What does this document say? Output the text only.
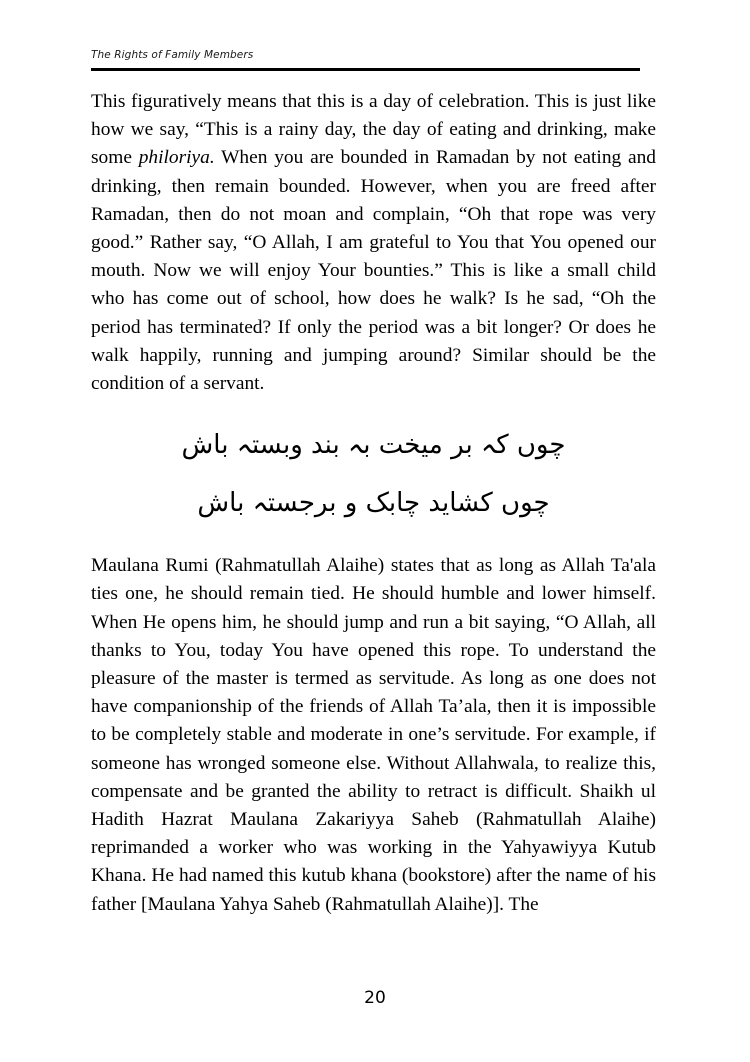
The Rights of Family Members

This figuratively means that this is a day of celebration. This is just like how we say, “This is a rainy day, the day of eating and drinking, make some philoriya. When you are bounded in Ramadan by not eating and drinking, then remain bounded. However, when you are freed after Ramadan, then do not moan and complain, “Oh that rope was very good.” Rather say, “O Allah, I am grateful to You that You opened our mouth. Now we will enjoy Your bounties.” This is like a small child who has come out of school, how does he walk? Is he sad, “Oh the period has terminated? If only the period was a bit longer? Or does he walk happily, running and jumping around? Similar should be the condition of a servant.

چوں کہ بر میخت بہ بند وبستہ باش
چوں کشاید چابک و برجستہ باش

Maulana Rumi (Rahmatullah Alaihe) states that as long as Allah Ta'ala ties one, he should remain tied. He should humble and lower himself. When He opens him, he should jump and run a bit saying, “O Allah, all thanks to You, today You have opened this rope. To understand the pleasure of the master is termed as servitude. As long as one does not have companionship of the friends of Allah Ta’ala, then it is impossible to be completely stable and moderate in one’s servitude. For example, if someone has wronged someone else. Without Allahwala, to realize this, compensate and be granted the ability to retract is difficult. Shaikh ul Hadith Hazrat Maulana Zakariyya Saheb (Rahmatullah Alaihe) reprimanded a worker who was working in the Yahyawiyya Kutub Khana. He had named this kutub khana (bookstore) after the name of his father [Maulana Yahya Saheb (Rahmatullah Alaihe)]. The

20
